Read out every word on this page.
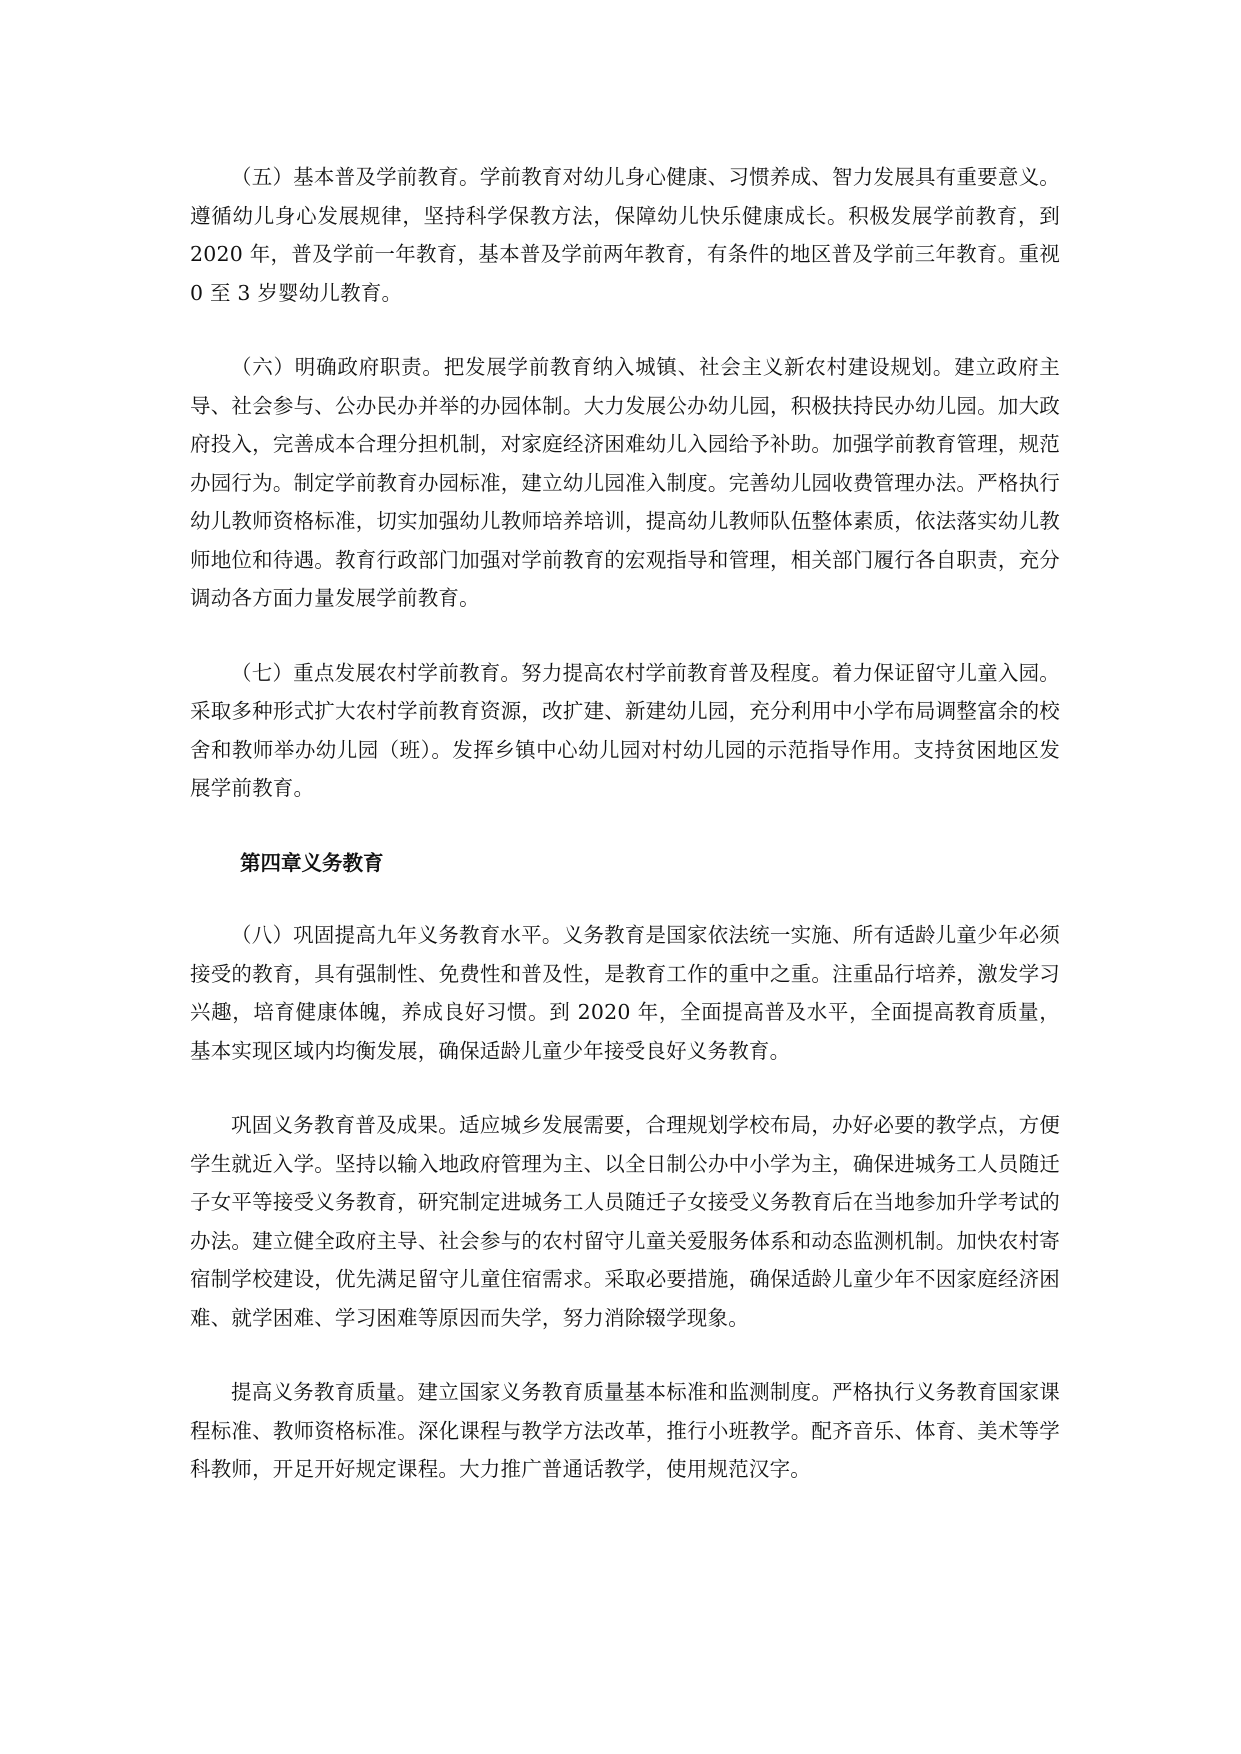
（五）基本普及学前教育。学前教育对幼儿身心健康、习惯养成、智力发展具有重要意义。遵循幼儿身心发展规律，坚持科学保教方法，保障幼儿快乐健康成长。积极发展学前教育，到 2020 年，普及学前一年教育，基本普及学前两年教育，有条件的地区普及学前三年教育。重视 0 至 3 岁婴幼儿教育。

（六）明确政府职责。把发展学前教育纳入城镇、社会主义新农村建设规划。建立政府主导、社会参与、公办民办并举的办园体制。大力发展公办幼儿园，积极扶持民办幼儿园。加大政府投入，完善成本合理分担机制，对家庭经济困难幼儿入园给予补助。加强学前教育管理，规范办园行为。制定学前教育办园标准，建立幼儿园准入制度。完善幼儿园收费管理办法。严格执行幼儿教师资格标准，切实加强幼儿教师培养培训，提高幼儿教师队伍整体素质，依法落实幼儿教师地位和待遇。教育行政部门加强对学前教育的宏观指导和管理，相关部门履行各自职责，充分调动各方面力量发展学前教育。

（七）重点发展农村学前教育。努力提高农村学前教育普及程度。着力保证留守儿童入园。采取多种形式扩大农村学前教育资源，改扩建、新建幼儿园，充分利用中小学布局调整富余的校舍和教师举办幼儿园（班）。发挥乡镇中心幼儿园对村幼儿园的示范指导作用。支持贫困地区发展学前教育。

第四章义务教育

（八）巩固提高九年义务教育水平。义务教育是国家依法统一实施、所有适龄儿童少年必须接受的教育，具有强制性、免费性和普及性，是教育工作的重中之重。注重品行培养，激发学习兴趣，培育健康体魄，养成良好习惯。到 2020 年，全面提高普及水平，全面提高教育质量，基本实现区域内均衡发展，确保适龄儿童少年接受良好义务教育。

巩固义务教育普及成果。适应城乡发展需要，合理规划学校布局，办好必要的教学点，方便学生就近入学。坚持以输入地政府管理为主、以全日制公办中小学为主，确保进城务工人员随迁子女平等接受义务教育，研究制定进城务工人员随迁子女接受义务教育后在当地参加升学考试的办法。建立健全政府主导、社会参与的农村留守儿童关爱服务体系和动态监测机制。加快农村寄宿制学校建设，优先满足留守儿童住宿需求。采取必要措施，确保适龄儿童少年不因家庭经济困难、就学困难、学习困难等原因而失学，努力消除辍学现象。

提高义务教育质量。建立国家义务教育质量基本标准和监测制度。严格执行义务教育国家课程标准、教师资格标准。深化课程与教学方法改革，推行小班教学。配齐音乐、体育、美术等学科教师，开足开好规定课程。大力推广普通话教学，使用规范汉字。
